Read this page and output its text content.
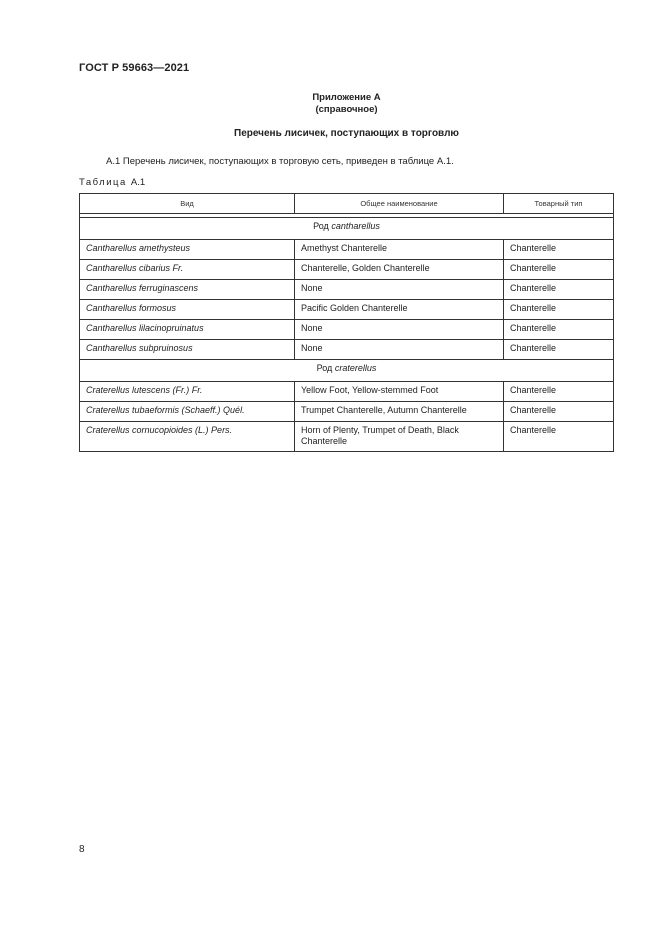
ГОСТ Р 59663—2021
Приложение А
(справочное)
Перечень лисичек, поступающих в торговлю
А.1 Перечень лисичек, поступающих в торговую сеть, приведен в таблице А.1.
Таблица А.1
Вид	Общее наименование	Товарный тип

Род cantharellus		
Cantharellus amethysteus	Amethyst Chanterelle	Chanterelle
Cantharellus cibarius Fr.	Chanterelle, Golden Chanterelle	Chanterelle
Cantharellus ferruginascens	None	Chanterelle
Cantharellus formosus	Pacific Golden Chanterelle	Chanterelle
Cantharellus lilacinopruinatus	None	Chanterelle
Cantharellus subpruinosus	None	Chanterelle
Род craterellus		
Craterellus lutescens (Fr.) Fr.	Yellow Foot, Yellow-stemmed Foot	Chanterelle
Craterellus tubaeformis (Schaeff.) Quél.	Trumpet Chanterelle, Autumn Chanterelle	Chanterelle
Craterellus cornucopioides (L.) Pers.	Horn of Plenty, Trumpet of Death, Black Chanterelle	Chanterelle
8
